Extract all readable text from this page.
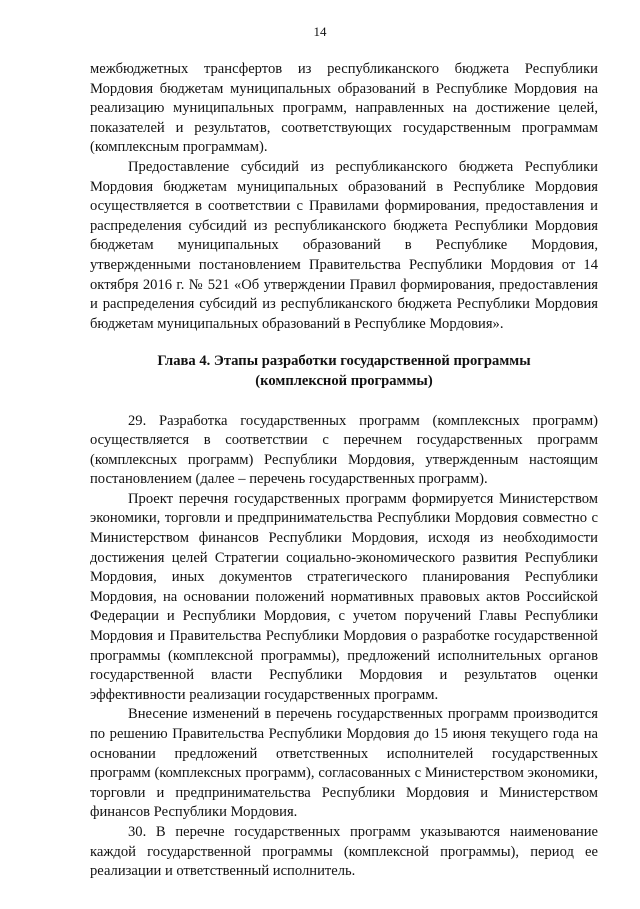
14

межбюджетных трансфертов из республиканского бюджета Республики Мордовия бюджетам муниципальных образований в Республике Мордовия на реализацию муниципальных программ, направленных на достижение целей, показателей и результатов, соответствующих государственным программам (комплексным программам).

Предоставление субсидий из республиканского бюджета Республики Мордовия бюджетам муниципальных образований в Республике Мордовия осуществляется в соответствии с Правилами формирования, предоставления и распределения субсидий из республиканского бюджета Республики Мордовия бюджетам муниципальных образований в Республике Мордовия, утвержденными постановлением Правительства Республики Мордовия от 14 октября 2016 г. № 521 «Об утверждении Правил формирования, предоставления и распределения субсидий из республиканского бюджета Республики Мордовия бюджетам муниципальных образований в Республике Мордовия».

Глава 4. Этапы разработки государственной программы
(комплексной программы)

29. Разработка государственных программ (комплексных программ) осуществляется в соответствии с перечнем государственных программ (комплексных программ) Республики Мордовия, утвержденным настоящим постановлением (далее – перечень государственных программ).

Проект перечня государственных программ формируется Министерством экономики, торговли и предпринимательства Республики Мордовия совместно с Министерством финансов Республики Мордовия, исходя из необходимости достижения целей Стратегии социально-экономического развития Республики Мордовия, иных документов стратегического планирования Республики Мордовия, на основании положений нормативных правовых актов Российской Федерации и Республики Мордовия, с учетом поручений Главы Республики Мордовия и Правительства Республики Мордовия о разработке государственной программы (комплексной программы), предложений исполнительных органов государственной власти Республики Мордовия и результатов оценки эффективности реализации государственных программ.

Внесение изменений в перечень государственных программ производится по решению Правительства Республики Мордовия до 15 июня текущего года на основании предложений ответственных исполнителей государственных программ (комплексных программ), согласованных с Министерством экономики, торговли и предпринимательства Республики Мордовия и Министерством финансов Республики Мордовия.

30. В перечне государственных программ указываются наименование каждой государственной программы (комплексной программы), период ее реализации и ответственный исполнитель.
